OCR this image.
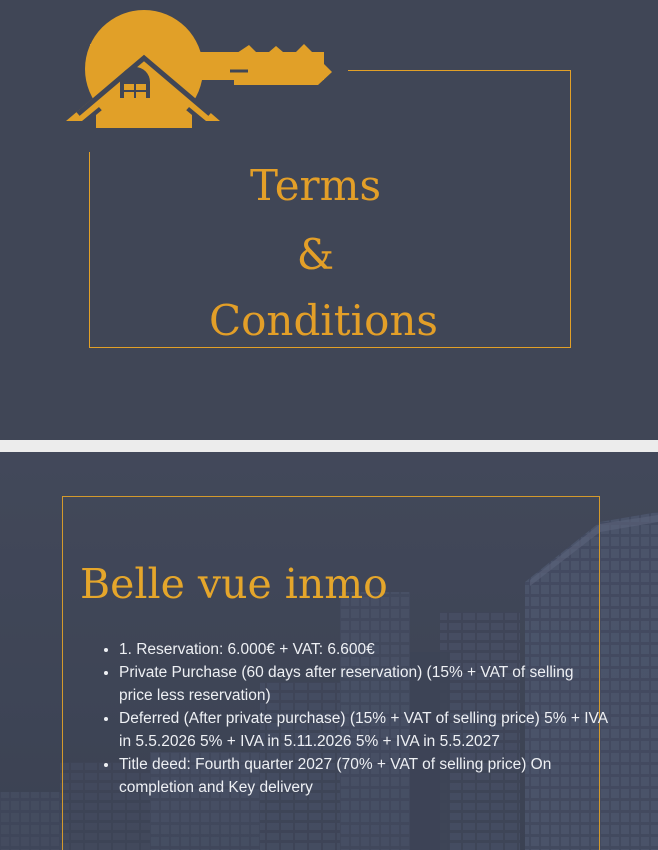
Terms
&
Conditions
Belle vue inmo
• 1. Reservation: 6.000€ + VAT: 6.600€
• Private Purchase (60 days after reservation) (15% + VAT of selling price less reservation)
• Deferred (After private purchase) (15% + VAT of selling price) 5% + IVA in 5.5.2026 5% + IVA in 5.11.2026 5% + IVA in 5.5.2027
• Title deed: Fourth quarter 2027 (70% + VAT of selling price) On completion and Key delivery
